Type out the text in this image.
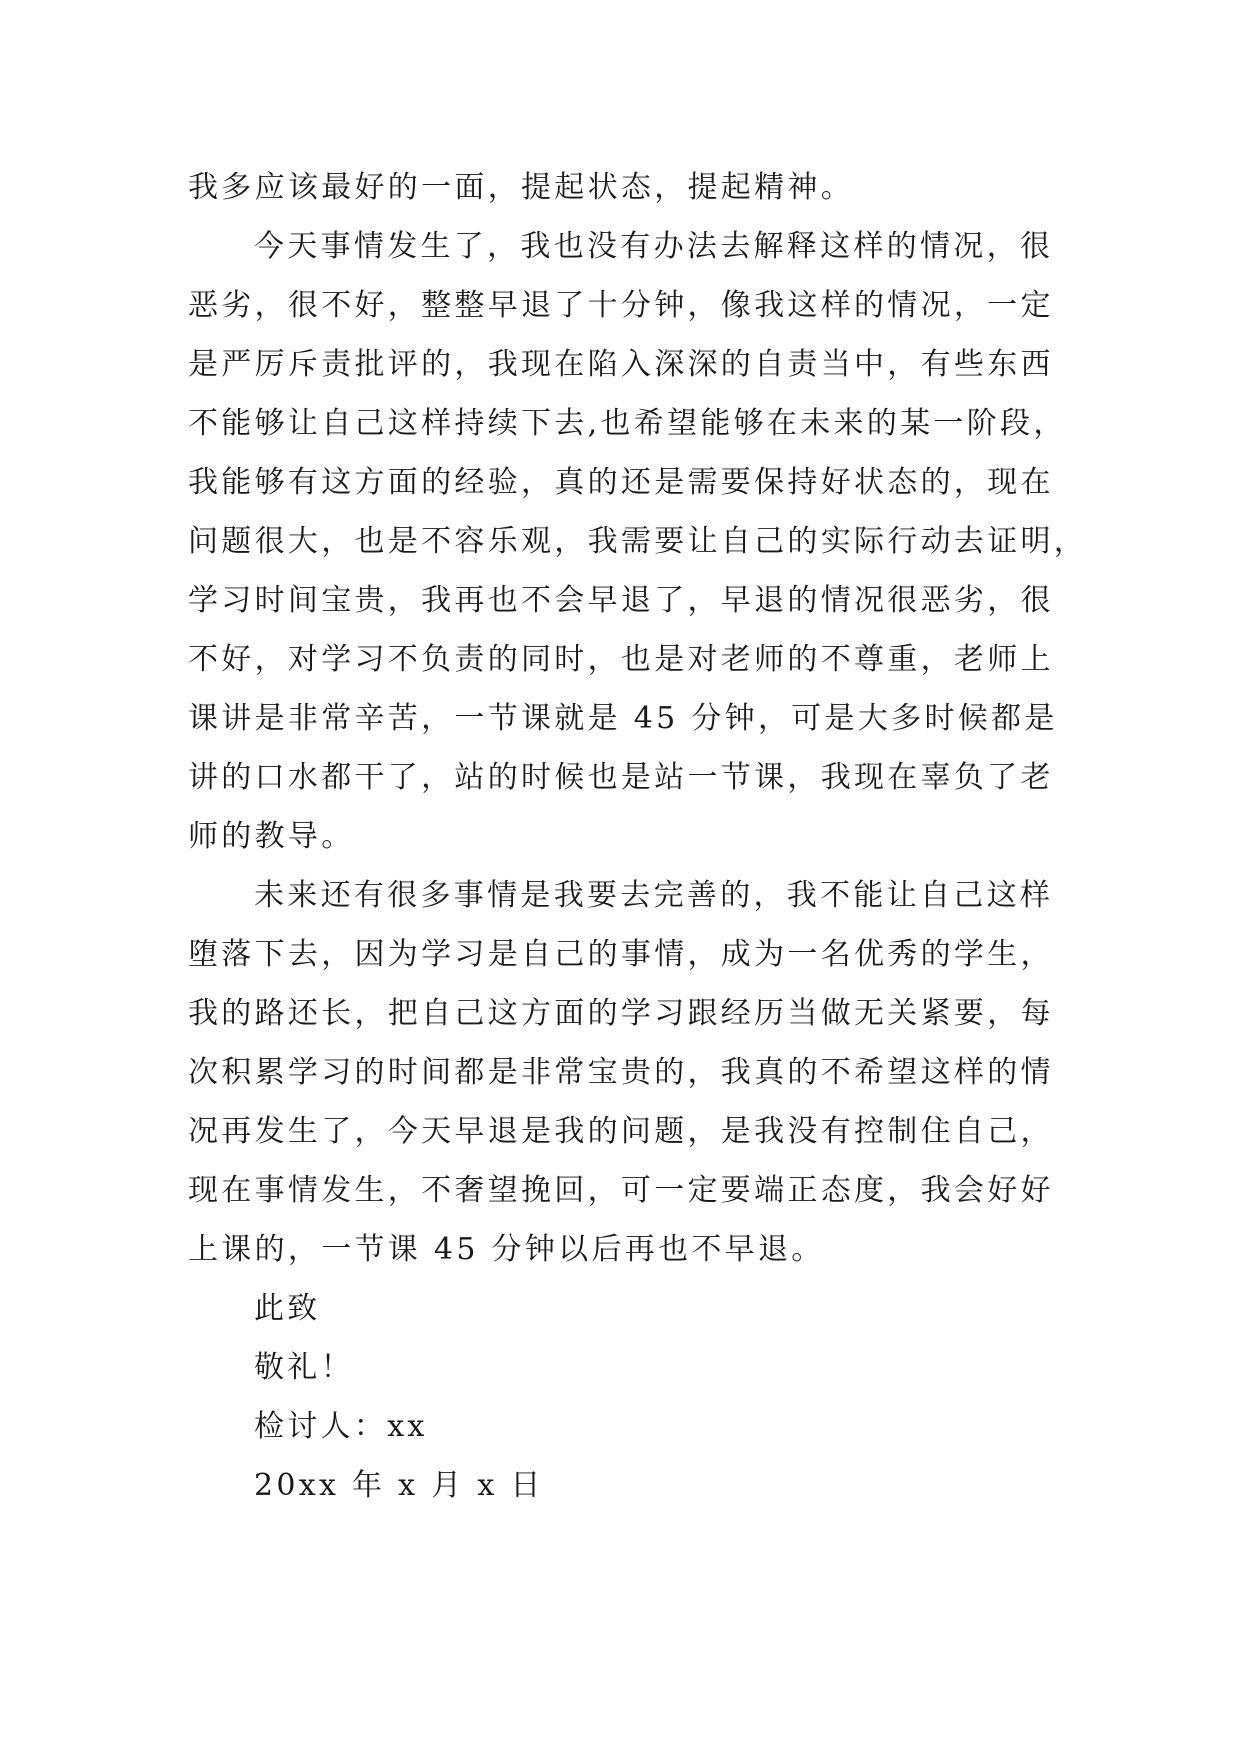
我多应该最好的一面，提起状态，提起精神。

今天事情发生了，我也没有办法去解释这样的情况，很
恶劣，很不好，整整早退了十分钟，像我这样的情况，一定
是严厉斥责批评的，我现在陷入深深的自责当中，有些东西
不能够让自己这样持续下去,也希望能够在未来的某一阶段，
我能够有这方面的经验，真的还是需要保持好状态的，现在
问题很大，也是不容乐观，我需要让自己的实际行动去证明，
学习时间宝贵，我再也不会早退了，早退的情况很恶劣，很
不好，对学习不负责的同时，也是对老师的不尊重，老师上
课讲是非常辛苦，一节课就是 45 分钟，可是大多时候都是
讲的口水都干了，站的时候也是站一节课，我现在辜负了老
师的教导。

未来还有很多事情是我要去完善的，我不能让自己这样
堕落下去，因为学习是自己的事情，成为一名优秀的学生，
我的路还长，把自己这方面的学习跟经历当做无关紧要，每
次积累学习的时间都是非常宝贵的，我真的不希望这样的情
况再发生了，今天早退是我的问题，是我没有控制住自己，
现在事情发生，不奢望挽回，可一定要端正态度，我会好好
上课的，一节课 45 分钟以后再也不早退。

此致

敬礼！

检讨人：xx

20xx 年 x 月 x 日
